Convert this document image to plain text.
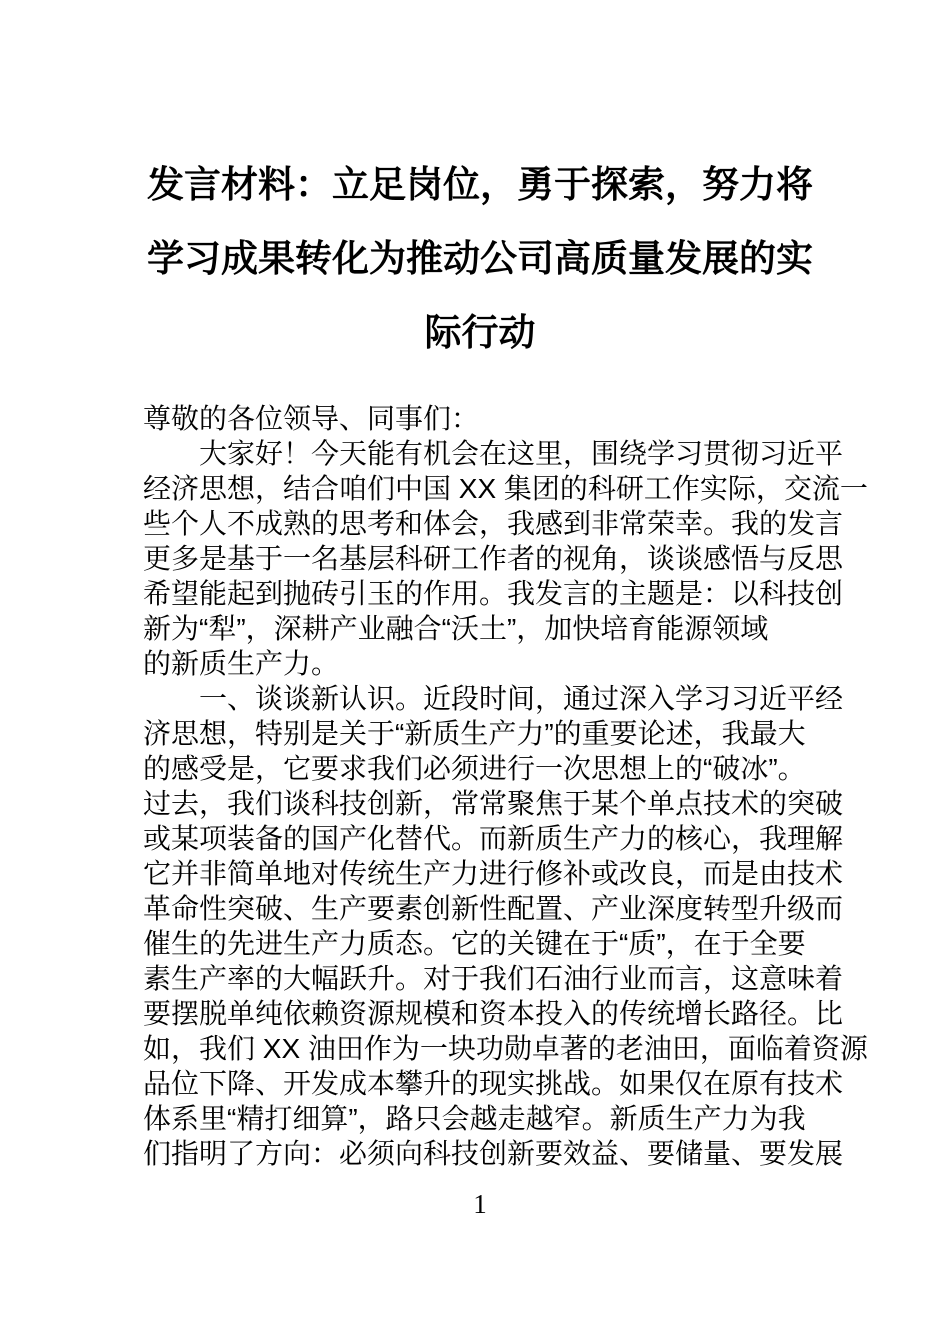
发言材料：立足岗位，勇于探索，努力将
学习成果转化为推动公司高质量发展的实
际行动
尊敬的各位领导、同事们：
大家好！今天能有机会在这里，围绕学习贯彻习近平
经济思想，结合咱们中国 XX 集团的科研工作实际，交流一
些个人不成熟的思考和体会，我感到非常荣幸。我的发言
更多是基于一名基层科研工作者的视角，谈谈感悟与反思
希望能起到抛砖引玉的作用。我发言的主题是：以科技创
新为“犁”，深耕产业融合“沃土”，加快培育能源领域
的新质生产力。
一、谈谈新认识。近段时间，通过深入学习习近平经
济思想，特别是关于“新质生产力”的重要论述，我最大
的感受是，它要求我们必须进行一次思想上的“破冰”。
过去，我们谈科技创新，常常聚焦于某个单点技术的突破
或某项装备的国产化替代。而新质生产力的核心，我理解
它并非简单地对传统生产力进行修补或改良，而是由技术
革命性突破、生产要素创新性配置、产业深度转型升级而
催生的先进生产力质态。它的关键在于“质”，在于全要
素生产率的大幅跃升。对于我们石油行业而言，这意味着
要摆脱单纯依赖资源规模和资本投入的传统增长路径。比
如，我们 XX 油田作为一块功勋卓著的老油田，面临着资源
品位下降、开发成本攀升的现实挑战。如果仅在原有技术
体系里“精打细算”，路只会越走越窄。新质生产力为我
们指明了方向：必须向科技创新要效益、要储量、要发展
1
